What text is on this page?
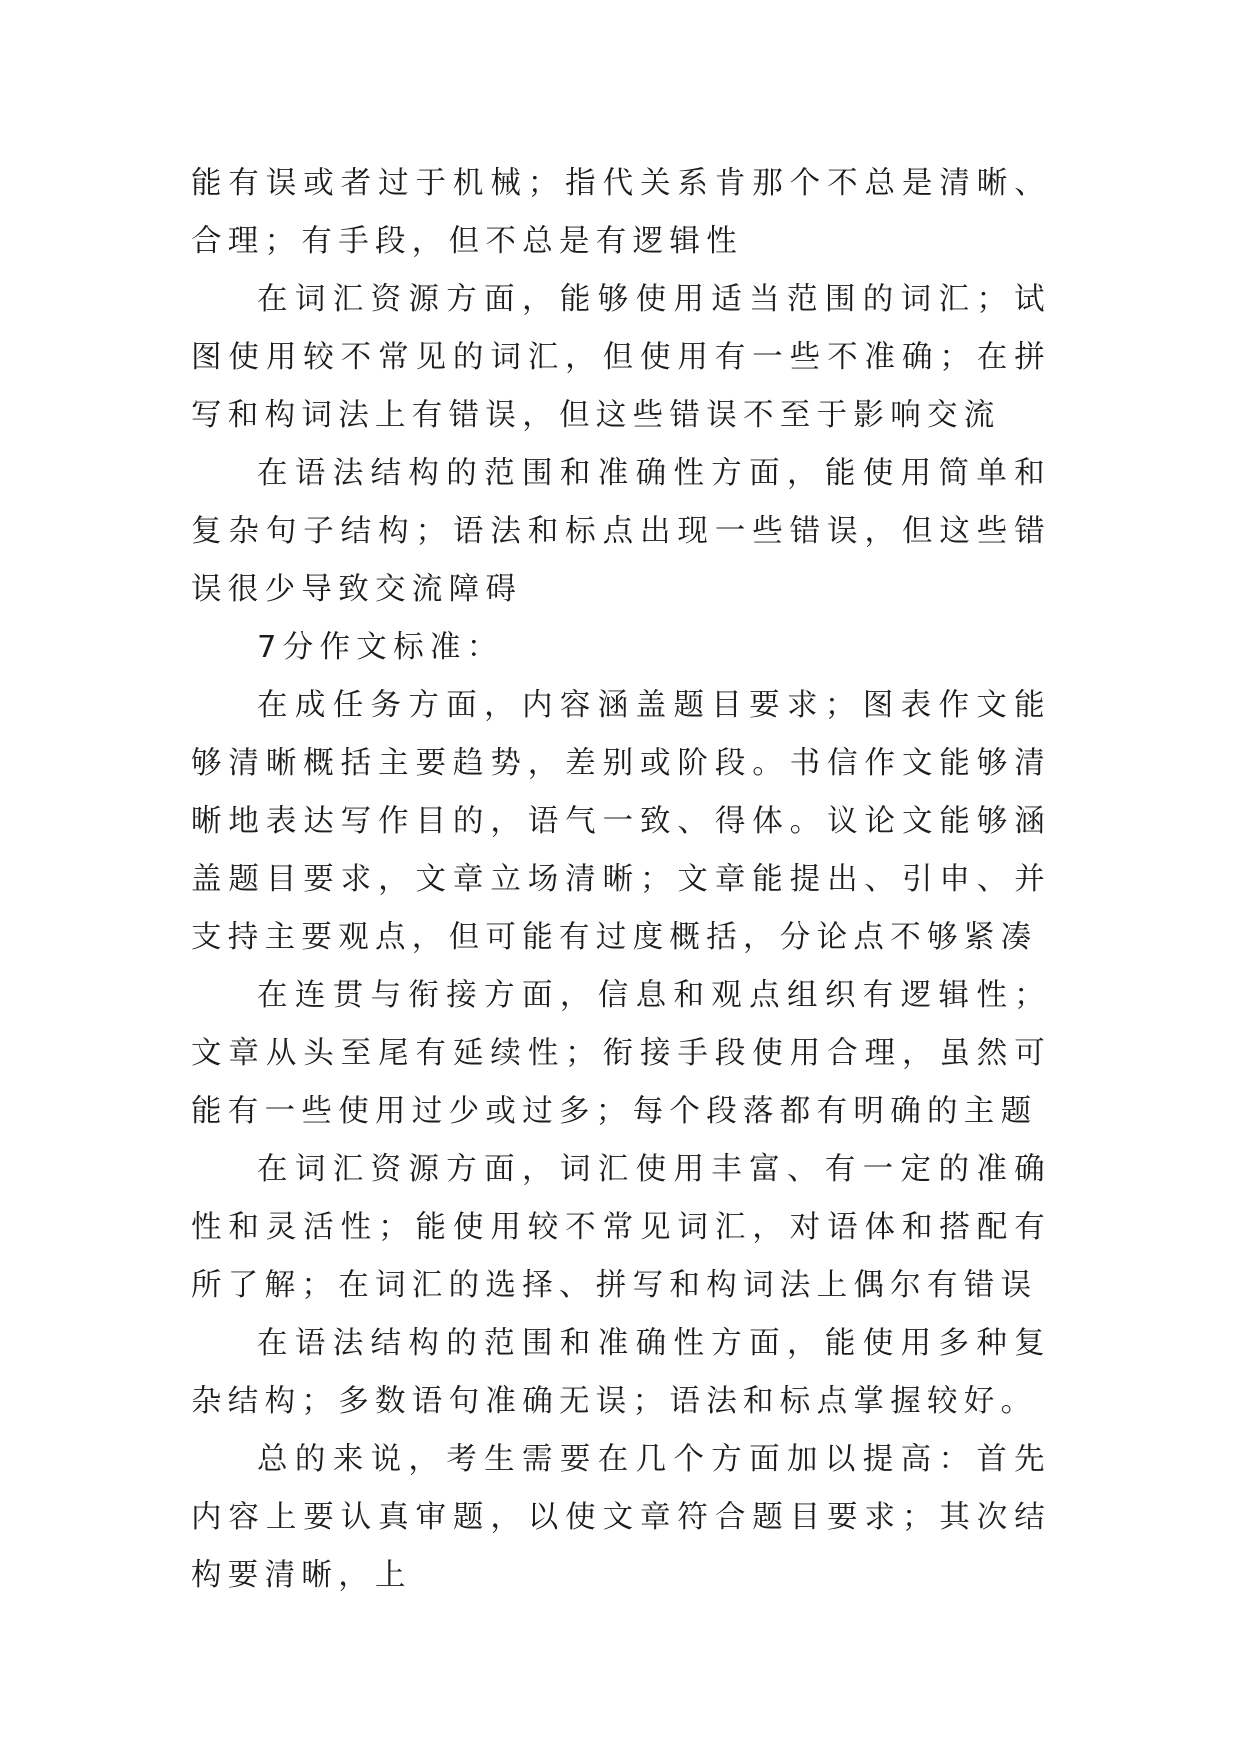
能有误或者过于机械；指代关系肯那个不总是清晰、合理；有手段，但不总是有逻辑性

在词汇资源方面，能够使用适当范围的词汇；试图使用较不常见的词汇，但使用有一些不准确；在拼写和构词法上有错误，但这些错误不至于影响交流

在语法结构的范围和准确性方面，能使用简单和复杂句子结构；语法和标点出现一些错误，但这些错误很少导致交流障碍

7分作文标准：

在成任务方面，内容涵盖题目要求；图表作文能够清晰概括主要趋势，差别或阶段。书信作文能够清晰地表达写作目的，语气一致、得体。议论文能够涵盖题目要求，文章立场清晰；文章能提出、引申、并支持主要观点，但可能有过度概括，分论点不够紧凑

在连贯与衔接方面，信息和观点组织有逻辑性；文章从头至尾有延续性；衔接手段使用合理，虽然可能有一些使用过少或过多；每个段落都有明确的主题

在词汇资源方面，词汇使用丰富、有一定的准确性和灵活性；能使用较不常见词汇，对语体和搭配有所了解；在词汇的选择、拼写和构词法上偶尔有错误

在语法结构的范围和准确性方面，能使用多种复杂结构；多数语句准确无误；语法和标点掌握较好。

总的来说，考生需要在几个方面加以提高：首先内容上要认真审题，以使文章符合题目要求；其次结构要清晰，上
